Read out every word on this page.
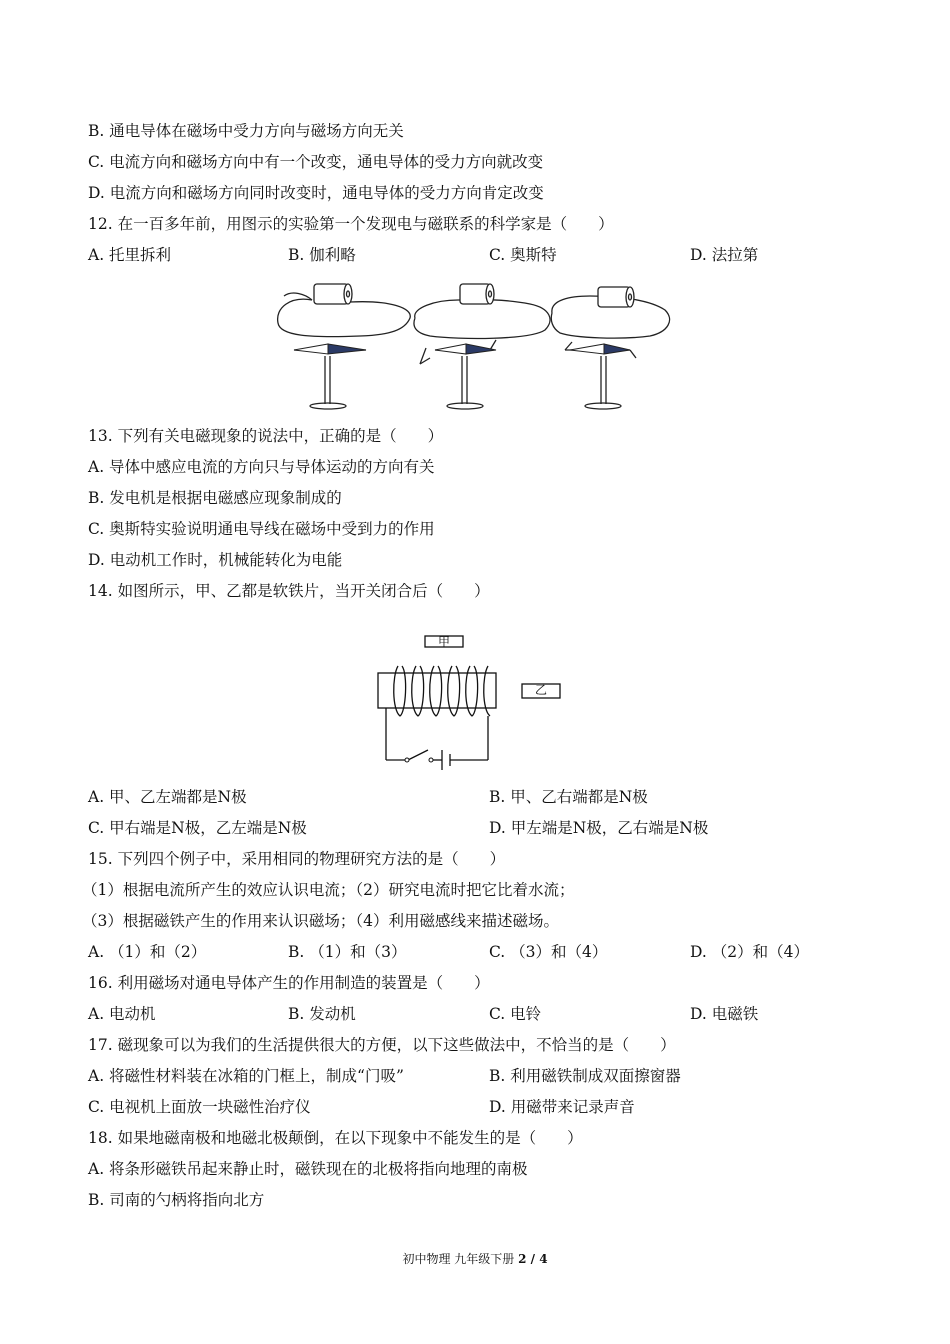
B. 通电导体在磁场中受力方向与磁场方向无关
C. 电流方向和磁场方向中有一个改变，通电导体的受力方向就改变
D. 电流方向和磁场方向同时改变时，通电导体的受力方向肯定改变
12. 在一百多年前，用图示的实验第一个发现电与磁联系的科学家是（　　）
A. 托里拆利	B. 伽利略	C. 奥斯特	D. 法拉第
13. 下列有关电磁现象的说法中，正确的是（　　）
A. 导体中感应电流的方向只与导体运动的方向有关
B. 发电机是根据电磁感应现象制成的
C. 奥斯特实验说明通电导线在磁场中受到力的作用
D. 电动机工作时，机械能转化为电能
14. 如图所示，甲、乙都是软铁片，当开关闭合后（　　）
甲
乙
A. 甲、乙左端都是N极	B. 甲、乙右端都是N极
C. 甲右端是N极，乙左端是N极	D. 甲左端是N极，乙右端是N极
15. 下列四个例子中，采用相同的物理研究方法的是（　　）
（1）根据电流所产生的效应认识电流；（2）研究电流时把它比着水流；
（3）根据磁铁产生的作用来认识磁场；（4）利用磁感线来描述磁场。
A. （1）和（2）	B. （1）和（3）	C. （3）和（4）	D. （2）和（4）
16. 利用磁场对通电导体产生的作用制造的装置是（　　）
A. 电动机	B. 发动机	C. 电铃	D. 电磁铁
17. 磁现象可以为我们的生活提供很大的方便，以下这些做法中，不恰当的是（　　）
A. 将磁性材料装在冰箱的门框上，制成“门吸”	B. 利用磁铁制成双面擦窗器
C. 电视机上面放一块磁性治疗仪	D. 用磁带来记录声音
18. 如果地磁南极和地磁北极颠倒，在以下现象中不能发生的是（　　）
A. 将条形磁铁吊起来静止时，磁铁现在的北极将指向地理的南极
B. 司南的勺柄将指向北方
初中物理 九年级下册 2 / 4
